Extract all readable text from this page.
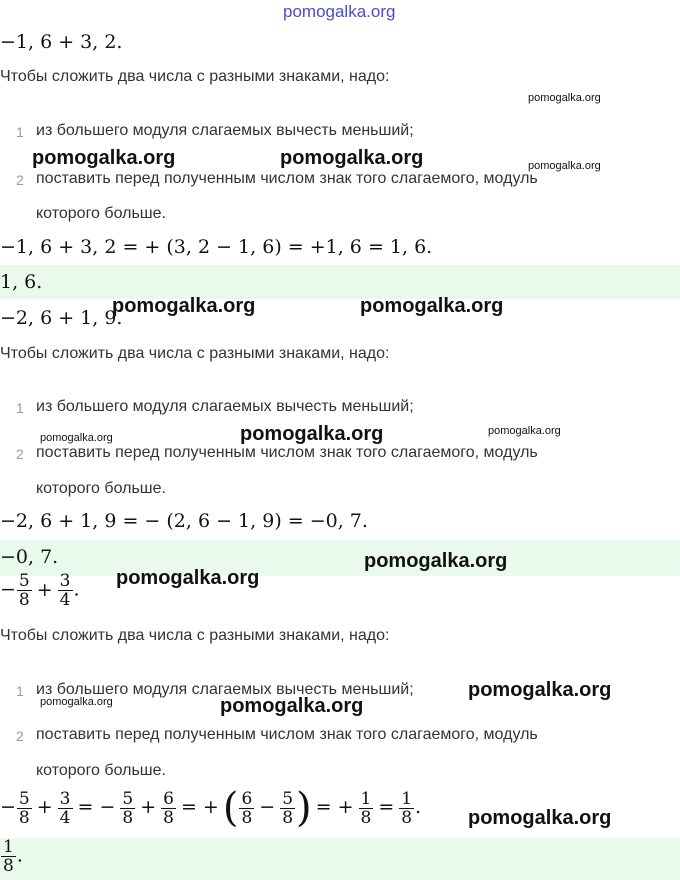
pomogalka.org
−1, 6 + 3, 2.
Чтобы сложить два числа с разными знаками, надо:
pomogalka.org
1 из большего модуля слагаемых вычесть меньший;
pomogalka.org	pomogalka.org	pomogalka.org
2 поставить перед полученным числом знак того слагаемого, модуль
которого больше.
−1, 6 + 3, 2 = + (3, 2 − 1, 6) = +1, 6 = 1, 6.
1, 6.
−2, 6 + 1, 9.
pomogalka.org	pomogalka.org
Чтобы сложить два числа с разными знаками, надо:
1 из большего модуля слагаемых вычесть меньший;
pomogalka.org	pomogalka.org	pomogalka.org
2 поставить перед полученным числом знак того слагаемого, модуль
которого больше.
−2, 6 + 1, 9 = − (2, 6 − 1, 9) = −0, 7.
−0, 7.	pomogalka.org
− $\frac{5}{8} + \frac{3}{4}$ .
pomogalka.org
Чтобы сложить два числа с разными знаками, надо:
1 из большего модуля слагаемых вычесть меньший;	pomogalka.org
pomogalka.org	pomogalka.org
2 поставить перед полученным числом знак того слагаемого, модуль
которого больше.
− $\frac{5}{8} + \frac{3}{4}$ = − $\frac{5}{8} + \frac{6}{8}$ = + ( $\frac{6}{8} - \frac{5}{8}$ ) = + $\frac{1}{8} = \frac{1}{8}$ . pomogalka.org
$\frac{1}{8}$ .
